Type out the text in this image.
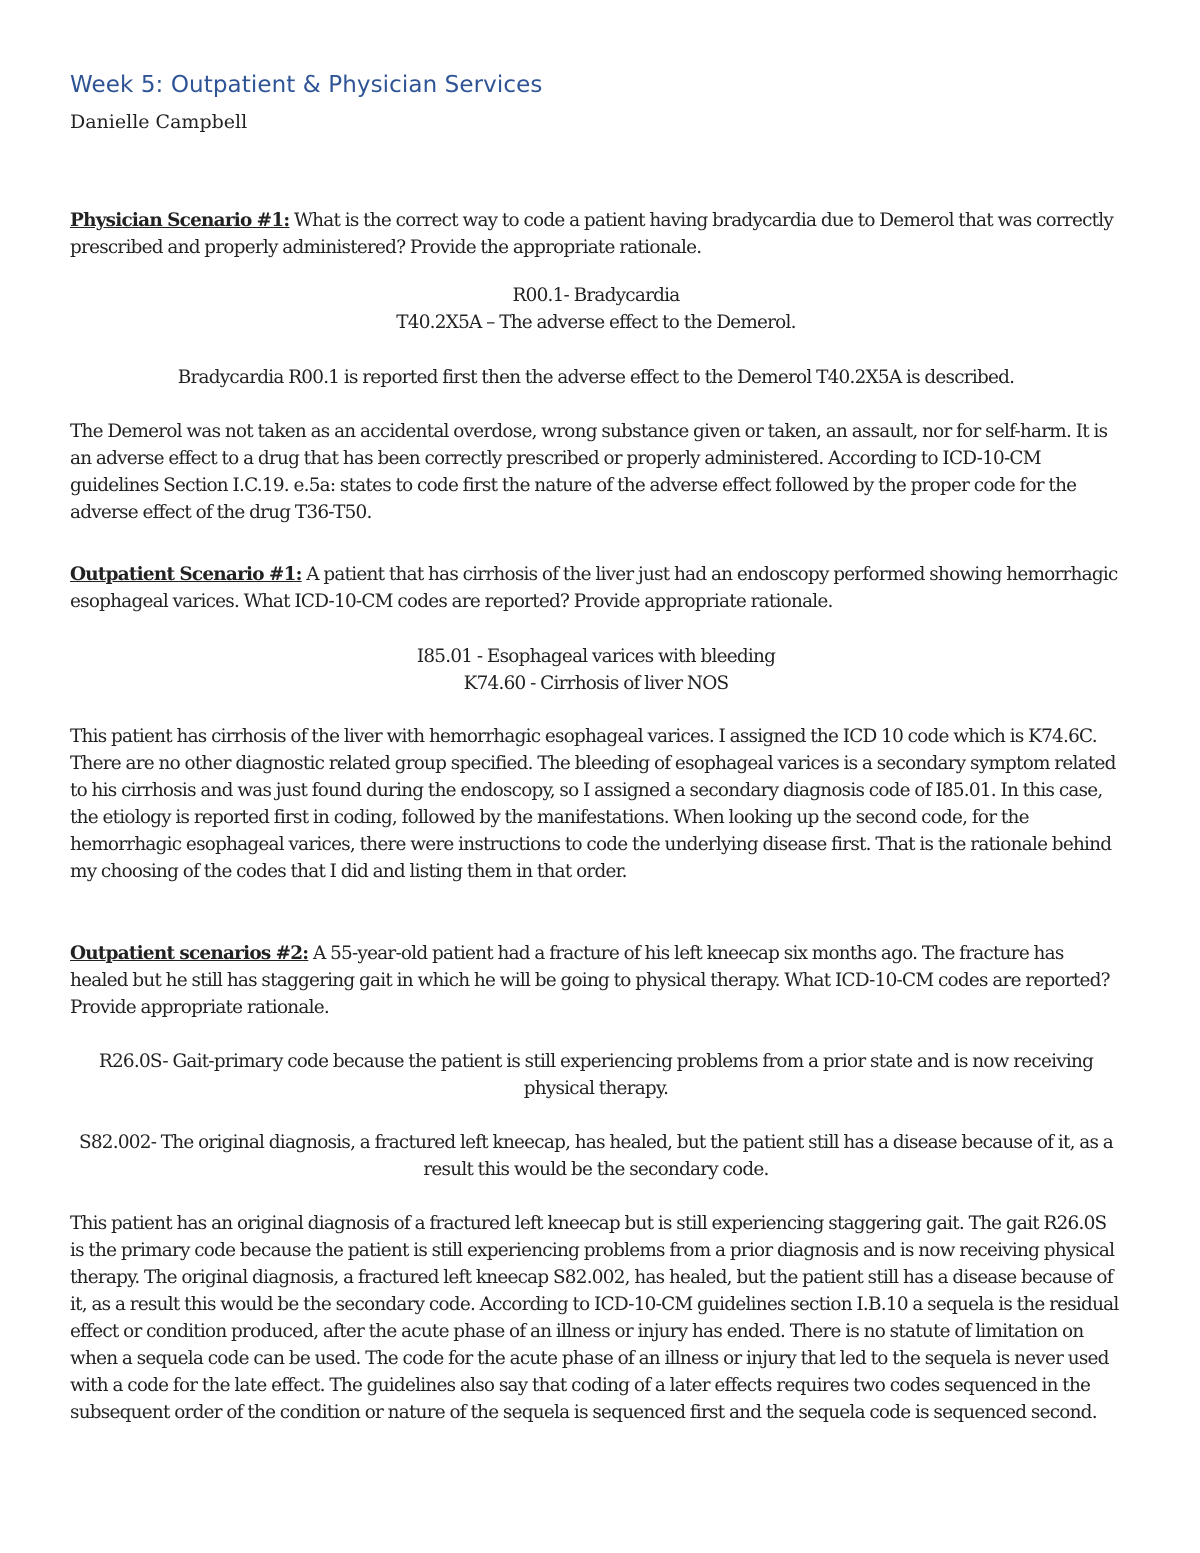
Week 5: Outpatient & Physician Services
Danielle Campbell

Physician Scenario #1: What is the correct way to code a patient having bradycardia due to Demerol that was correctly prescribed and properly administered? Provide the appropriate rationale.

R00.1- Bradycardia
T40.2X5A – The adverse effect to the Demerol.

Bradycardia R00.1 is reported first then the adverse effect to the Demerol T40.2X5A is described.

The Demerol was not taken as an accidental overdose, wrong substance given or taken, an assault, nor for self-harm. It is an adverse effect to a drug that has been correctly prescribed or properly administered. According to ICD-10-CM guidelines Section I.C.19. e.5a: states to code first the nature of the adverse effect followed by the proper code for the adverse effect of the drug T36-T50.

Outpatient Scenario #1: A patient that has cirrhosis of the liver just had an endoscopy performed showing hemorrhagic esophageal varices. What ICD-10-CM codes are reported? Provide appropriate rationale.

I85.01 - Esophageal varices with bleeding
K74.60 - Cirrhosis of liver NOS

This patient has cirrhosis of the liver with hemorrhagic esophageal varices. I assigned the ICD 10 code which is K74.6C. There are no other diagnostic related group specified. The bleeding of esophageal varices is a secondary symptom related to his cirrhosis and was just found during the endoscopy, so I assigned a secondary diagnosis code of I85.01. In this case, the etiology is reported first in coding, followed by the manifestations. When looking up the second code, for the hemorrhagic esophageal varices, there were instructions to code the underlying disease first. That is the rationale behind my choosing of the codes that I did and listing them in that order.

Outpatient scenarios #2: A 55-year-old patient had a fracture of his left kneecap six months ago. The fracture has healed but he still has staggering gait in which he will be going to physical therapy. What ICD-10-CM codes are reported? Provide appropriate rationale.

R26.0S- Gait-primary code because the patient is still experiencing problems from a prior state and is now receiving physical therapy.

S82.002- The original diagnosis, a fractured left kneecap, has healed, but the patient still has a disease because of it, as a result this would be the secondary code.

This patient has an original diagnosis of a fractured left kneecap but is still experiencing staggering gait. The gait R26.0S is the primary code because the patient is still experiencing problems from a prior diagnosis and is now receiving physical therapy. The original diagnosis, a fractured left kneecap S82.002, has healed, but the patient still has a disease because of it, as a result this would be the secondary code. According to ICD-10-CM guidelines section I.B.10 a sequela is the residual effect or condition produced, after the acute phase of an illness or injury has ended. There is no statute of limitation on when a sequela code can be used. The code for the acute phase of an illness or injury that led to the sequela is never used with a code for the late effect. The guidelines also say that coding of a later effects requires two codes sequenced in the subsequent order of the condition or nature of the sequela is sequenced first and the sequela code is sequenced second.
